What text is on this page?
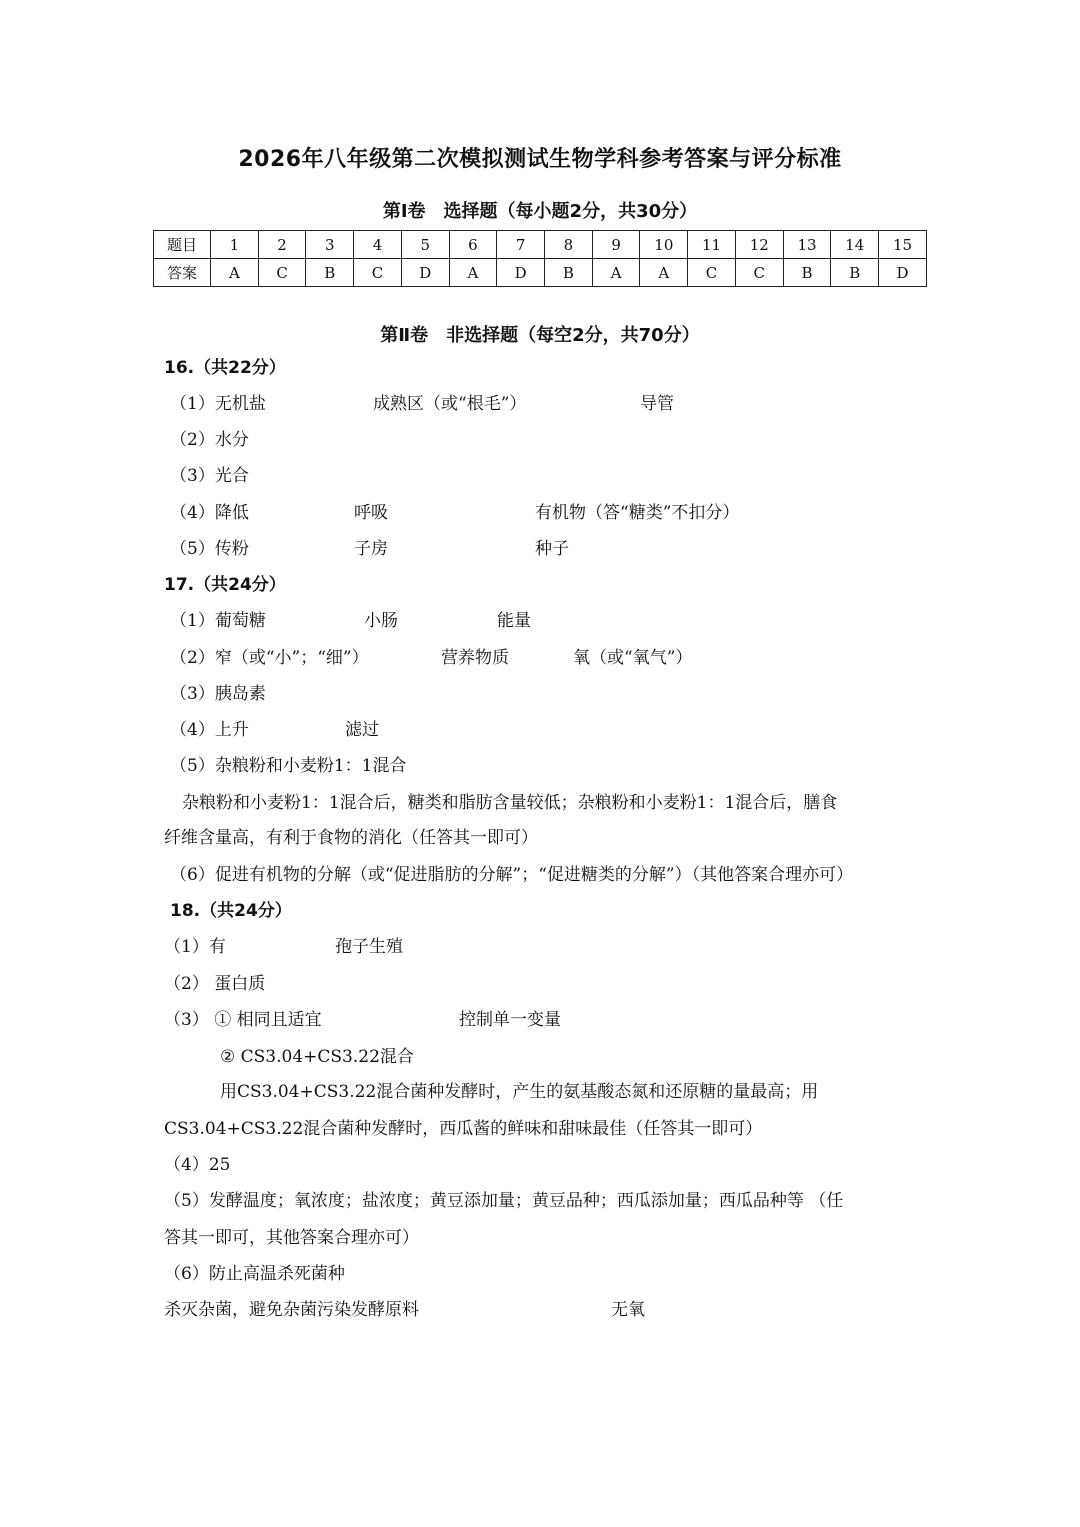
2026年八年级第二次模拟测试生物学科参考答案与评分标准
第Ⅰ卷　选择题（每小题2分，共30分）
题目	1	2	3	4	5	6	7	8	9	10	11	12	13	14	15
答案	A	C	B	C	D	A	D	B	A	A	C	C	B	B	D
第Ⅱ卷　非选择题（每空2分，共70分）
16.（共22分）
（1）无机盐	成熟区（或“根毛”）	导管
（2）水分
（3）光合
（4）降低	呼吸	有机物（答“糖类”不扣分）
（5）传粉	子房	种子
17.（共24分）
（1）葡萄糖	小肠	能量
（2）窄（或“小”；“细”）	营养物质	氧（或“氧气”）
（3）胰岛素
（4）上升	滤过
（5）杂粮粉和小麦粉1：1混合
杂粮粉和小麦粉1：1混合后，糖类和脂肪含量较低；杂粮粉和小麦粉1：1混合后，膳食
纤维含量高，有利于食物的消化（任答其一即可）
（6）促进有机物的分解（或“促进脂肪的分解”；“促进糖类的分解”）（其他答案合理亦可）
18.（共24分）
（1）有	孢子生殖
（2） 蛋白质
（3） ① 相同且适宜	控制单一变量
② CS3.04+CS3.22混合
用CS3.04+CS3.22混合菌种发酵时，产生的氨基酸态氮和还原糖的量最高；用
CS3.04+CS3.22混合菌种发酵时，西瓜酱的鲜味和甜味最佳（任答其一即可）
（4）25
（5）发酵温度；氧浓度；盐浓度；黄豆添加量；黄豆品种；西瓜添加量；西瓜品种等 （任
答其一即可，其他答案合理亦可）
（6）防止高温杀死菌种
杀灭杂菌，避免杂菌污染发酵原料	无氧
